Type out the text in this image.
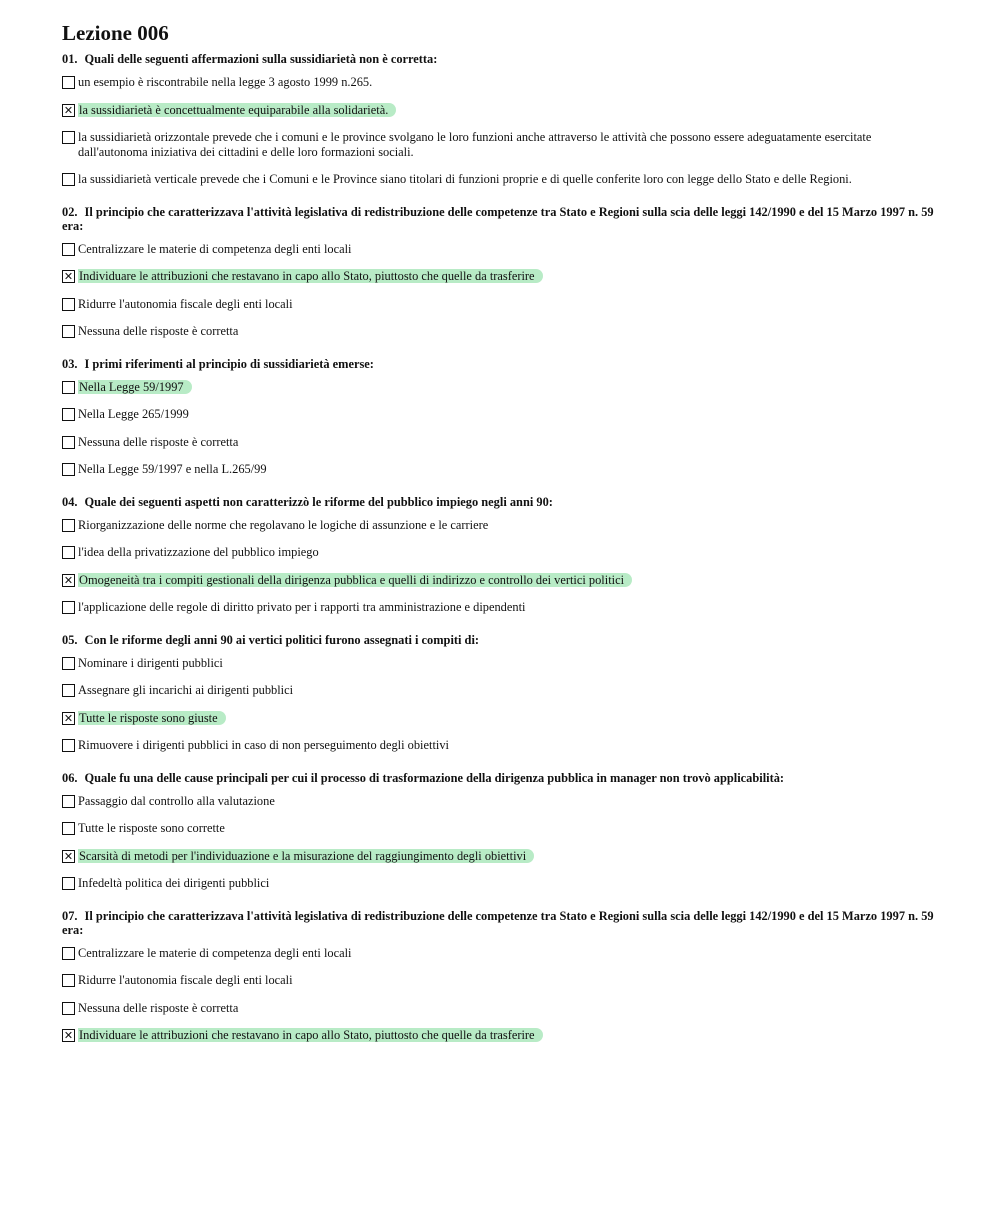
Lezione 006
01. Quali delle seguenti affermazioni sulla sussidiarietà non è corretta:
un esempio è riscontrabile nella legge 3 agosto 1999 n.265.
✕ la sussidiarietà è concettualmente equiparabile alla solidarietà.
la sussidiarietà orizzontale prevede che i comuni e le province svolgano le loro funzioni anche attraverso le attività che possono essere adeguatamente esercitate dall'autonoma iniziativa dei cittadini e delle loro formazioni sociali.
la sussidiarietà verticale prevede che i Comuni e le Province siano titolari di funzioni proprie e di quelle conferite loro con legge dello Stato e delle Regioni.
02. Il principio che caratterizzava l'attività legislativa di redistribuzione delle competenze tra Stato e Regioni sulla scia delle leggi 142/1990 e del 15 Marzo 1997 n. 59 era:
Centralizzare le materie di competenza degli enti locali
✕ Individuare le attribuzioni che restavano in capo allo Stato, piuttosto che quelle da trasferire
Ridurre l'autonomia fiscale degli enti locali
Nessuna delle risposte è corretta
03. I primi riferimenti al principio di sussidiarietà emerse:
Nella Legge 59/1997
Nella Legge 265/1999
Nessuna delle risposte è corretta
Nella Legge 59/1997 e nella L.265/99
04. Quale dei seguenti aspetti non caratterizzò le riforme del pubblico impiego negli anni 90:
Riorganizzazione delle norme che regolavano le logiche di assunzione e le carriere
l'idea della privatizzazione del pubblico impiego
✕ Omogeneità tra i compiti gestionali della dirigenza pubblica e quelli di indirizzo e controllo dei vertici politici
l'applicazione delle regole di diritto privato per i rapporti tra amministrazione e dipendenti
05. Con le riforme degli anni 90 ai vertici politici furono assegnati i compiti di:
Nominare i dirigenti pubblici
Assegnare gli incarichi ai dirigenti pubblici
✕ Tutte le risposte sono giuste
Rimuovere i dirigenti pubblici in caso di non perseguimento degli obiettivi
06. Quale fu una delle cause principali per cui il processo di trasformazione della dirigenza pubblica in manager non trovò applicabilità:
Passaggio dal controllo alla valutazione
Tutte le risposte sono corrette
✕ Scarsità di metodi per l'individuazione e la misurazione del raggiungimento degli obiettivi
Infedeltà politica dei dirigenti pubblici
07. Il principio che caratterizzava l'attività legislativa di redistribuzione delle competenze tra Stato e Regioni sulla scia delle leggi 142/1990 e del 15 Marzo 1997 n. 59 era:
Centralizzare le materie di competenza degli enti locali
Ridurre l'autonomia fiscale degli enti locali
Nessuna delle risposte è corretta
✕ Individuare le attribuzioni che restavano in capo allo Stato, piuttosto che quelle da trasferire
